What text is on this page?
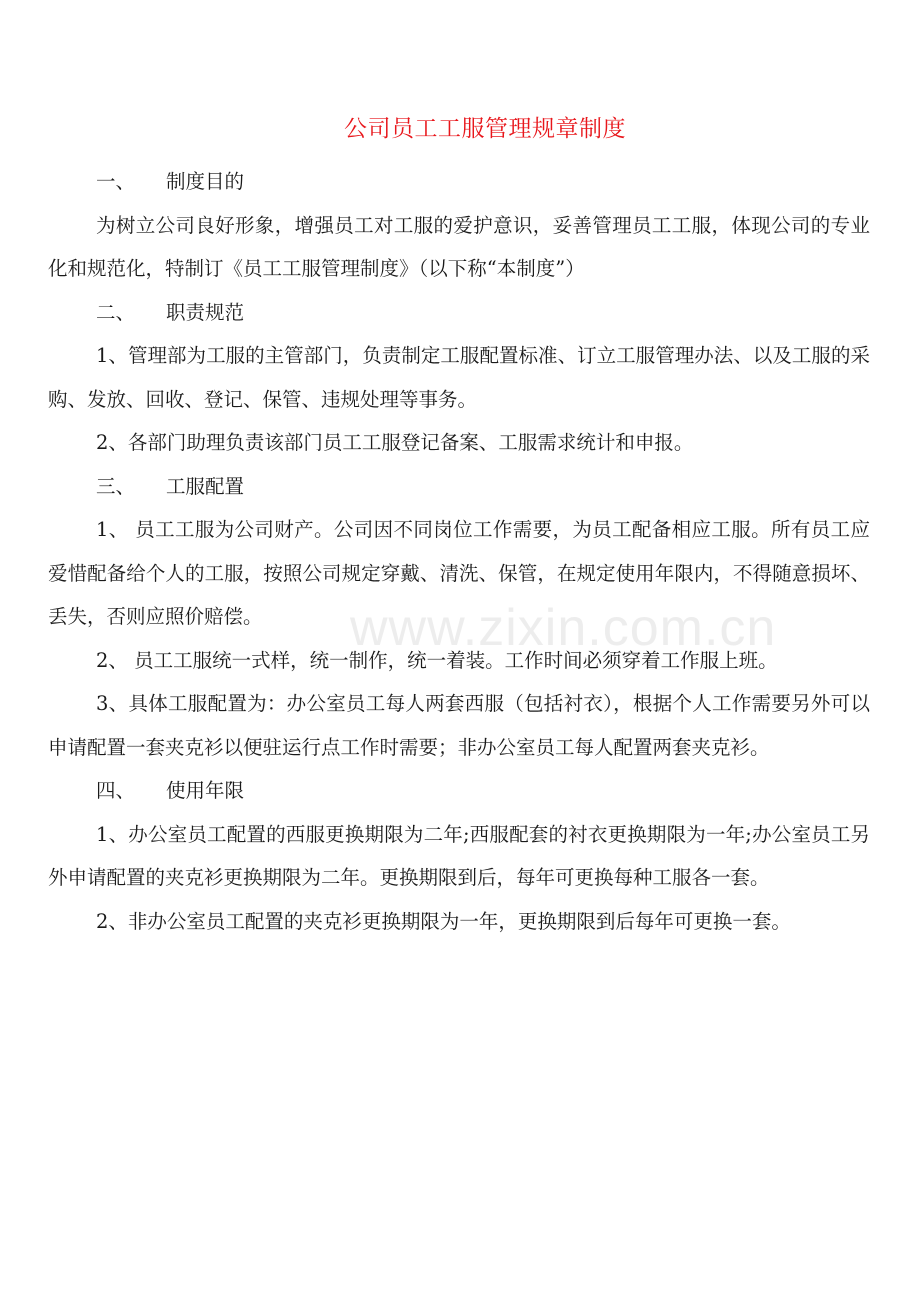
公司员工工服管理规章制度
一、 制度目的

为树立公司良好形象，增强员工对工服的爱护意识，妥善管理员工工服，体现公司的专业化和规范化，特制订《员工工服管理制度》（以下称“本制度”）

二、 职责规范

1、管理部为工服的主管部门，负责制定工服配置标准、订立工服管理办法、以及工服的采购、发放、回收、登记、保管、违规处理等事务。

2、各部门助理负责该部门员工工服登记备案、工服需求统计和申报。

三、 工服配置

1、 员工工服为公司财产。公司因不同岗位工作需要，为员工配备相应工服。所有员工应爱惜配备给个人的工服，按照公司规定穿戴、清洗、保管，在规定使用年限内，不得随意损坏、丢失，否则应照价赔偿。

2、 员工工服统一式样，统一制作，统一着装。工作时间必须穿着工作服上班。

3、具体工服配置为：办公室员工每人两套西服（包括衬衣），根据个人工作需要另外可以申请配置一套夹克衫以便驻运行点工作时需要；非办公室员工每人配置两套夹克衫。

四、 使用年限

1、办公室员工配置的西服更换期限为二年;西服配套的衬衣更换期限为一年;办公室员工另外申请配置的夹克衫更换期限为二年。更换期限到后，每年可更换每种工服各一套。

2、非办公室员工配置的夹克衫更换期限为一年，更换期限到后每年可更换一套。

www.zixin.com.cn
